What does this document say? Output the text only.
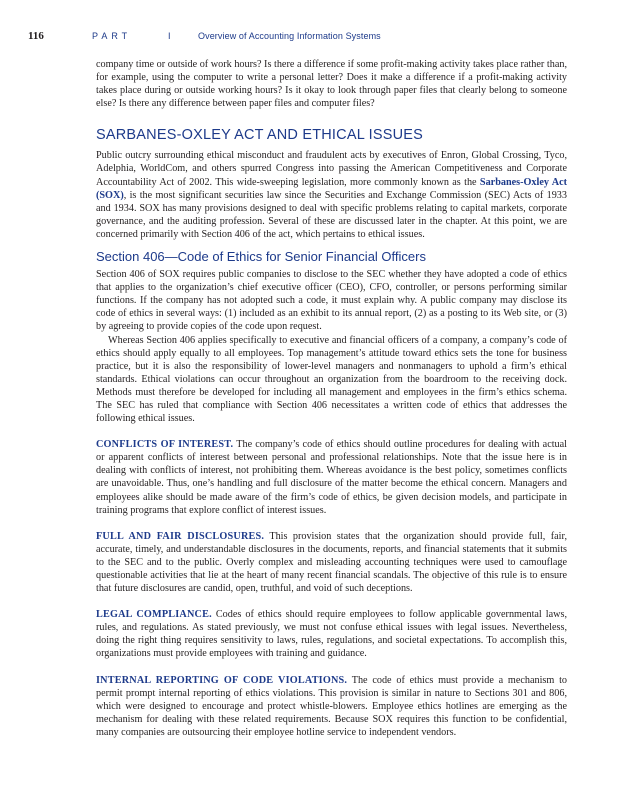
116	PART	I	Overview of Accounting Information Systems

company time or outside of work hours? Is there a difference if some profit-making activity takes place rather than, for example, using the computer to write a personal letter? Does it make a difference if a profit-making activity takes place during or outside working hours? Is it okay to look through paper files that clearly belong to someone else? Is there any difference between paper files and computer files?

SARBANES-OXLEY ACT AND ETHICAL ISSUES

Public outcry surrounding ethical misconduct and fraudulent acts by executives of Enron, Global Crossing, Tyco, Adelphia, WorldCom, and others spurred Congress into passing the American Competitiveness and Corporate Accountability Act of 2002. This wide-sweeping legislation, more commonly known as the Sarbanes-Oxley Act (SOX), is the most significant securities law since the Securities and Exchange Commission (SEC) Acts of 1933 and 1934. SOX has many provisions designed to deal with specific problems relating to capital markets, corporate governance, and the auditing profession. Several of these are discussed later in the chapter. At this point, we are concerned primarily with Section 406 of the act, which pertains to ethical issues.

Section 406—Code of Ethics for Senior Financial Officers

Section 406 of SOX requires public companies to disclose to the SEC whether they have adopted a code of ethics that applies to the organization’s chief executive officer (CEO), CFO, controller, or persons performing similar functions. If the company has not adopted such a code, it must explain why. A public company may disclose its code of ethics in several ways: (1) included as an exhibit to its annual report, (2) as a posting to its Web site, or (3) by agreeing to provide copies of the code upon request.

Whereas Section 406 applies specifically to executive and financial officers of a company, a company’s code of ethics should apply equally to all employees. Top management’s attitude toward ethics sets the tone for business practice, but it is also the responsibility of lower-level managers and nonmanagers to uphold a firm’s ethical standards. Ethical violations can occur throughout an organization from the boardroom to the receiving dock. Methods must therefore be developed for including all management and employees in the firm’s ethics schema. The SEC has ruled that compliance with Section 406 necessitates a written code of ethics that addresses the following ethical issues.

CONFLICTS OF INTEREST. The company’s code of ethics should outline procedures for dealing with actual or apparent conflicts of interest between personal and professional relationships. Note that the issue here is in dealing with conflicts of interest, not prohibiting them. Whereas avoidance is the best policy, sometimes conflicts are unavoidable. Thus, one’s handling and full disclosure of the matter become the ethical concern. Managers and employees alike should be made aware of the firm’s code of ethics, be given decision models, and participate in training programs that explore conflict of interest issues.

FULL AND FAIR DISCLOSURES. This provision states that the organization should provide full, fair, accurate, timely, and understandable disclosures in the documents, reports, and financial statements that it submits to the SEC and to the public. Overly complex and misleading accounting techniques were used to camouflage questionable activities that lie at the heart of many recent financial scandals. The objective of this rule is to ensure that future disclosures are candid, open, truthful, and void of such deceptions.

LEGAL COMPLIANCE. Codes of ethics should require employees to follow applicable governmental laws, rules, and regulations. As stated previously, we must not confuse ethical issues with legal issues. Nevertheless, doing the right thing requires sensitivity to laws, rules, regulations, and societal expectations. To accomplish this, organizations must provide employees with training and guidance.

INTERNAL REPORTING OF CODE VIOLATIONS. The code of ethics must provide a mechanism to permit prompt internal reporting of ethics violations. This provision is similar in nature to Sections 301 and 806, which were designed to encourage and protect whistle-blowers. Employee ethics hotlines are emerging as the mechanism for dealing with these related requirements. Because SOX requires this function to be confidential, many companies are outsourcing their employee hotline service to independent vendors.
